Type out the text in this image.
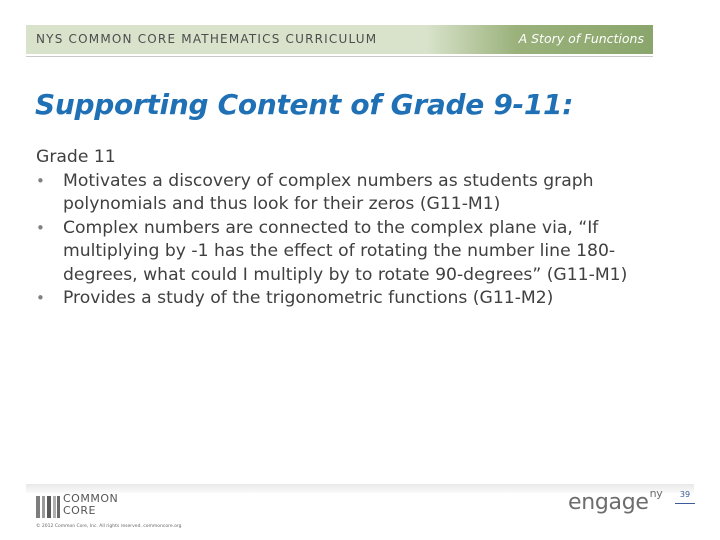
NYS COMMON CORE MATHEMATICS CURRICULUM	A Story of Functions
Supporting Content of Grade 9-11:
Grade 11
• Motivates a discovery of complex numbers as students graph polynomials and thus look for their zeros (G11-M1)
• Complex numbers are connected to the complex plane via, “If multiplying by -1 has the effect of rotating the number line 180-degrees, what could I multiply by to rotate 90-degrees” (G11-M1)
• Provides a study of the trigonometric functions (G11-M2)
COMMON
CORE
© 2012 Common Core, Inc. All rights reserved. commoncore.org
engage$^{ny}$	39
